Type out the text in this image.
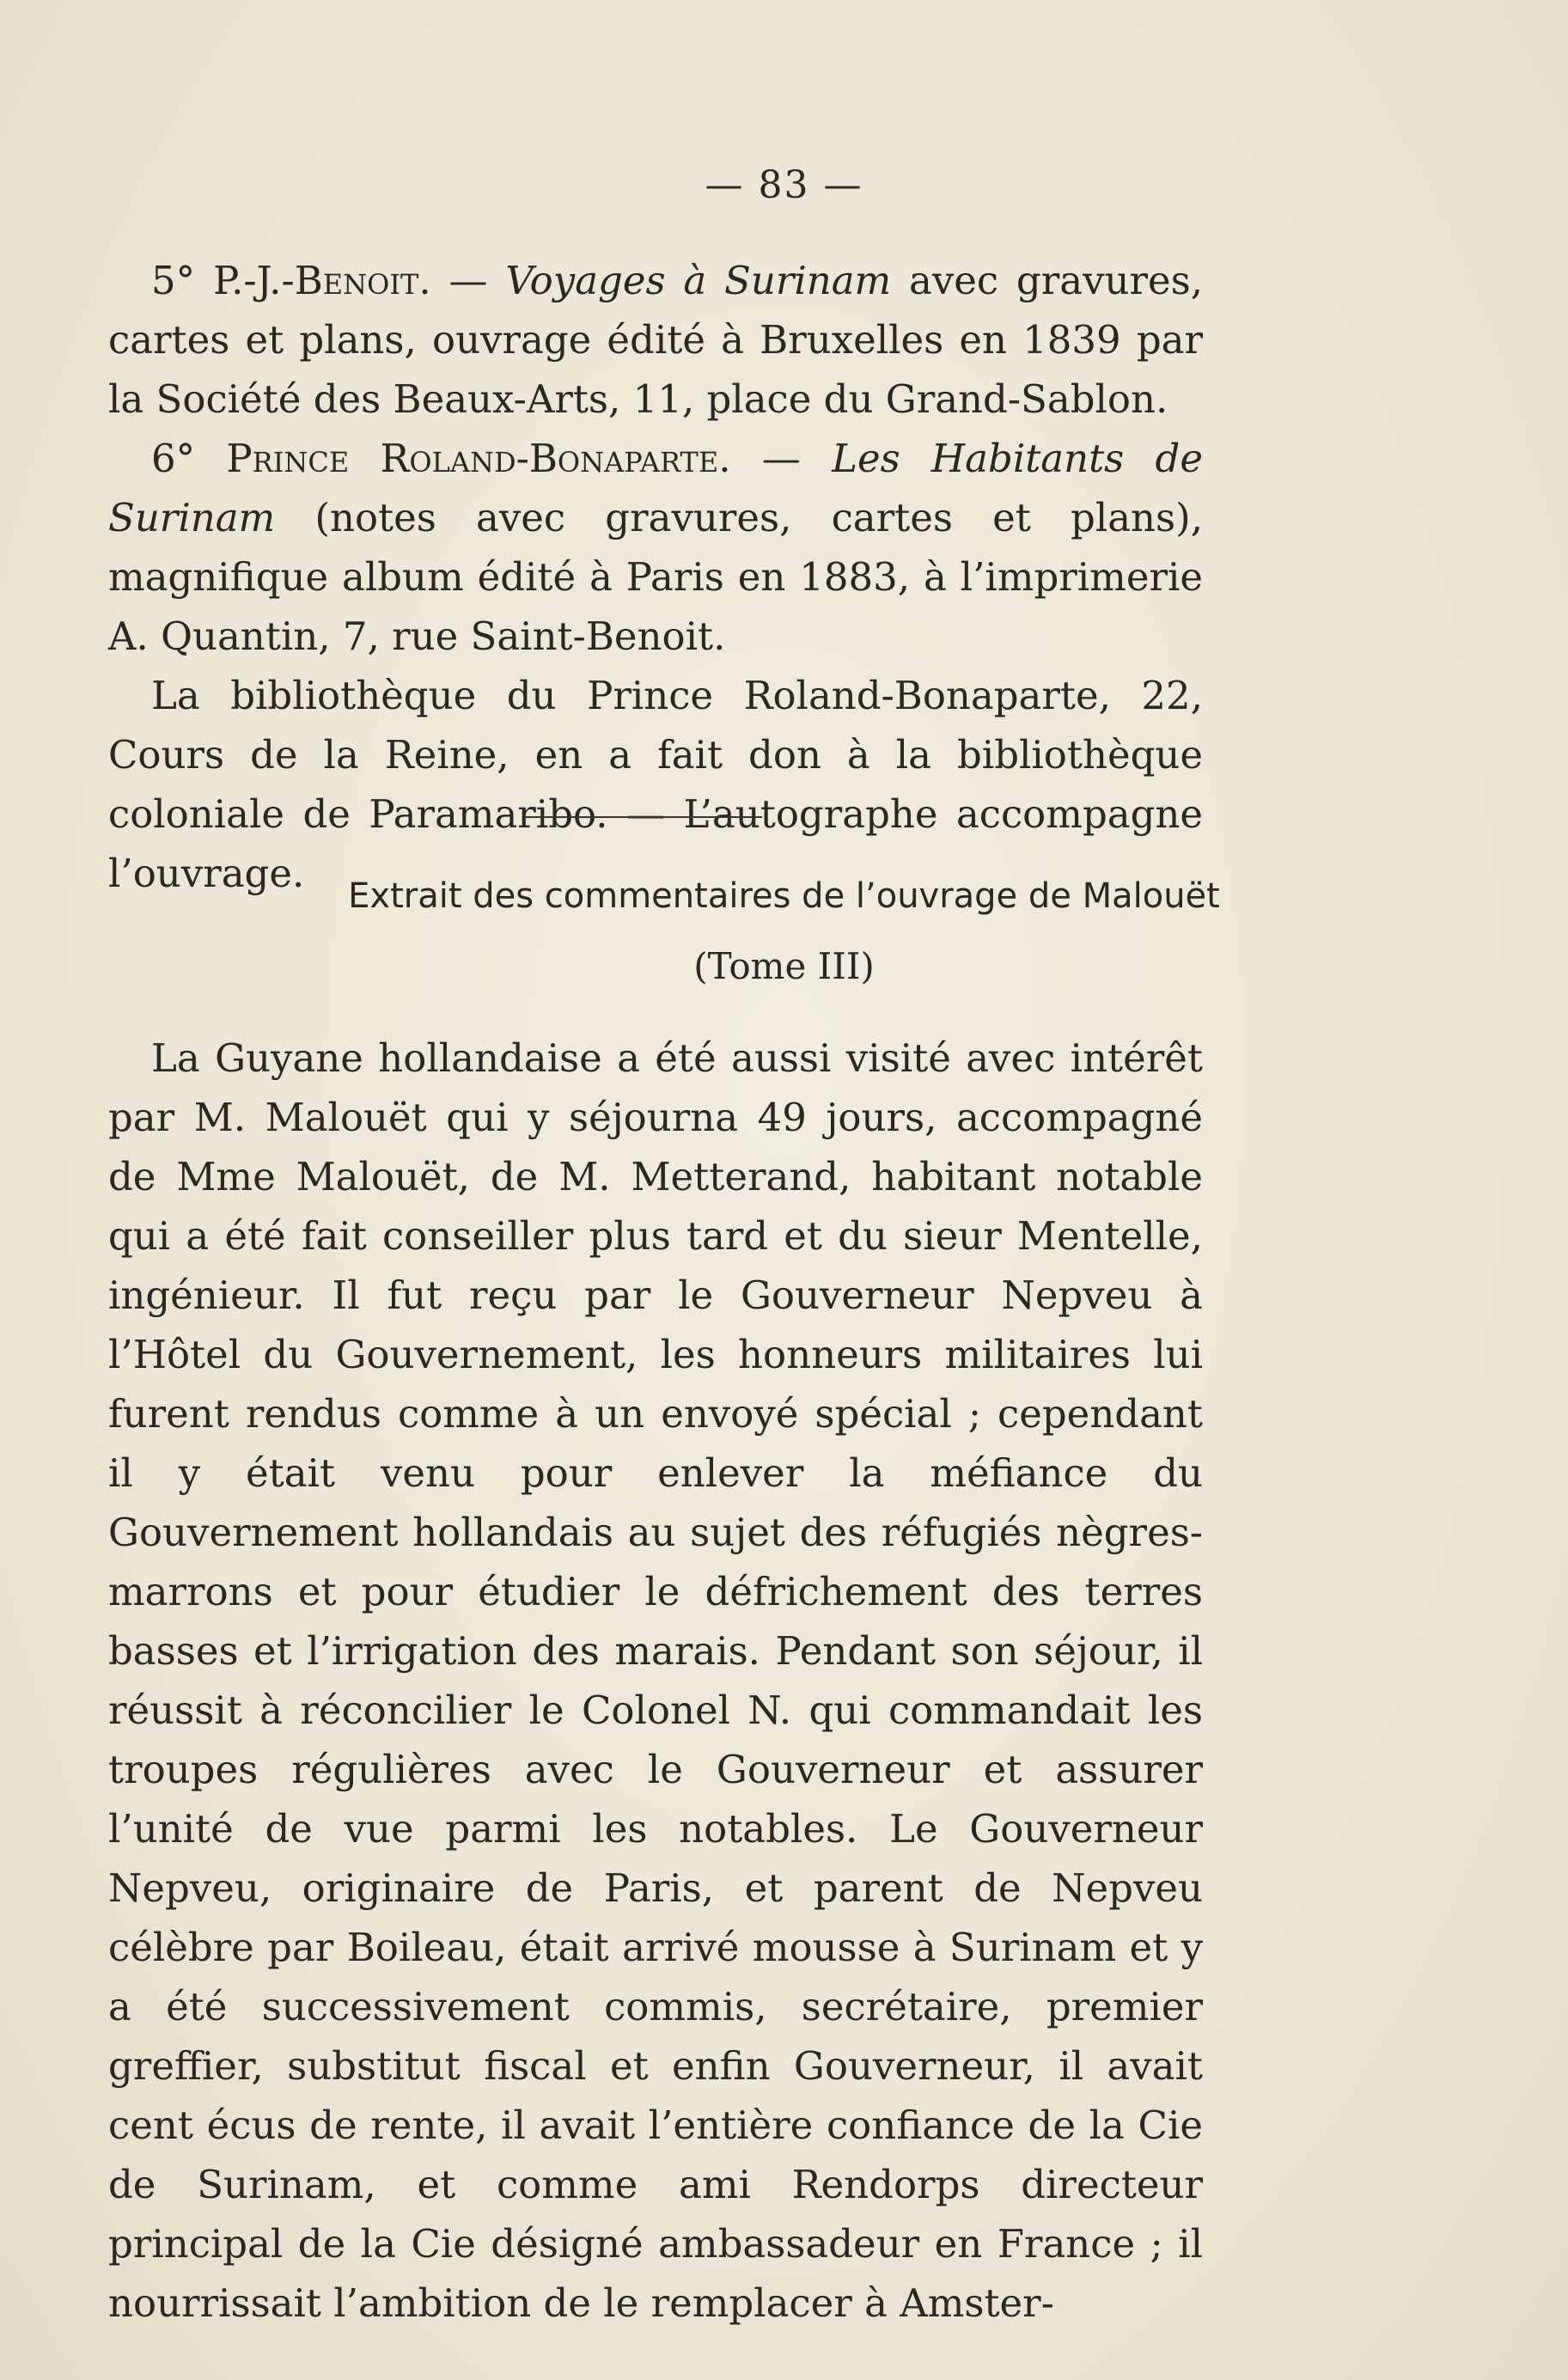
— 83 —

5° P.-J.-Benoit. — Voyages à Surinam avec gravures, cartes et plans, ouvrage édité à Bruxelles en 1839 par la Société des Beaux-Arts, 11, place du Grand-Sablon.

6° Prince Roland-Bonaparte. — Les Habitants de Surinam (notes avec gravures, cartes et plans), magnifique album édité à Paris en 1883, à l’imprimerie A. Quantin, 7, rue Saint-Benoit.

La bibliothèque du Prince Roland-Bonaparte, 22, Cours de la Reine, en a fait don à la bibliothèque coloniale de Paramaribo. — L’autographe accompagne l’ouvrage.	Extrait des commentaires de l’ouvrage de Malouët
(Tome III)

La Guyane hollandaise a été aussi visité avec intérêt par M. Malouët qui y séjourna 49 jours, accompagné de Mme Malouët, de M. Metterand, habitant notable qui a été fait conseiller plus tard et du sieur Mentelle, ingénieur. Il fut reçu par le Gouverneur Nepveu à l’Hôtel du Gouvernement, les honneurs militaires lui furent rendus comme à un envoyé spécial ; cependant il y était venu pour enlever la méfiance du Gouvernement hollandais au sujet des réfugiés nègres-marrons et pour étudier le défrichement des terres basses et l’irrigation des marais. Pendant son séjour, il réussit à réconcilier le Colonel N. qui commandait les troupes régulières avec le Gouverneur et assurer l’unité de vue parmi les notables. Le Gouverneur Nepveu, originaire de Paris, et parent de Nepveu célèbre par Boileau, était arrivé mousse à Surinam et y a été successivement commis, secrétaire, premier greffier, substitut fiscal et enfin Gouverneur, il avait cent écus de rente, il avait l’entière confiance de la Cie de Surinam, et comme ami Rendorps directeur principal de la Cie désigné ambassadeur en France ; il nourrissait l’ambition de le remplacer à Amster-
